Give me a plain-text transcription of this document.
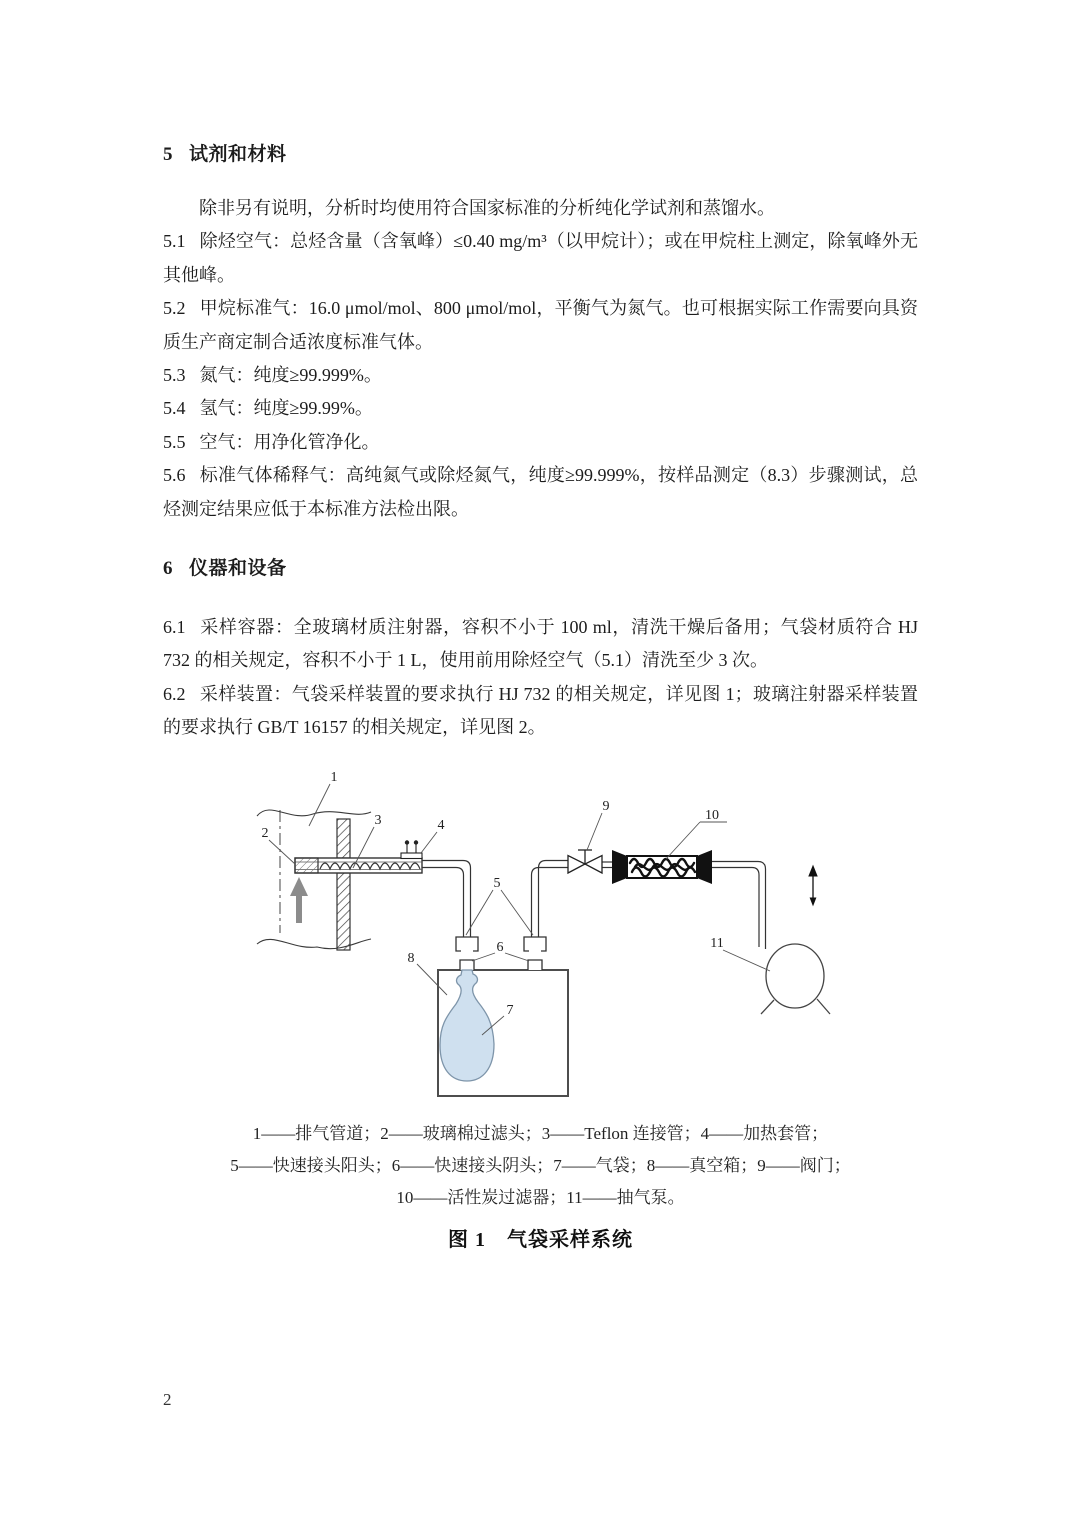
5 试剂和材料

除非另有说明，分析时均使用符合国家标准的分析纯化学试剂和蒸馏水。

5.1 除烃空气：总烃含量（含氧峰）≤0.40 mg/m³（以甲烷计）；或在甲烷柱上测定，除氧峰外无其他峰。

5.2 甲烷标准气：16.0 μmol/mol、800 μmol/mol，平衡气为氮气。也可根据实际工作需要向具资质生产商定制合适浓度标准气体。

5.3 氮气：纯度≥99.999%。

5.4 氢气：纯度≥99.99%。

5.5 空气：用净化管净化。

5.6 标准气体稀释气：高纯氮气或除烃氮气，纯度≥99.999%，按样品测定（8.3）步骤测试，总烃测定结果应低于本标准方法检出限。

6 仪器和设备

6.1 采样容器：全玻璃材质注射器，容积不小于 100 ml，清洗干燥后备用；气袋材质符合 HJ 732 的相关规定，容积不小于 1 L，使用前用除烃空气（5.1）清洗至少 3 次。

6.2 采样装置：气袋采样装置的要求执行 HJ 732 的相关规定，详见图 1；玻璃注射器采样装置的要求执行 GB/T 16157 的相关规定，详见图 2。

1
2
3	4
5
6
7
8
9
10
11
1——排气管道；2——玻璃棉过滤头；3——Teflon 连接管；4——加热套管；
5——快速接头阳头；6——快速接头阴头；7——气袋；8——真空箱；9——阀门；
10——活性炭过滤器；11——抽气泵。
图 1　气袋采样系统
2
